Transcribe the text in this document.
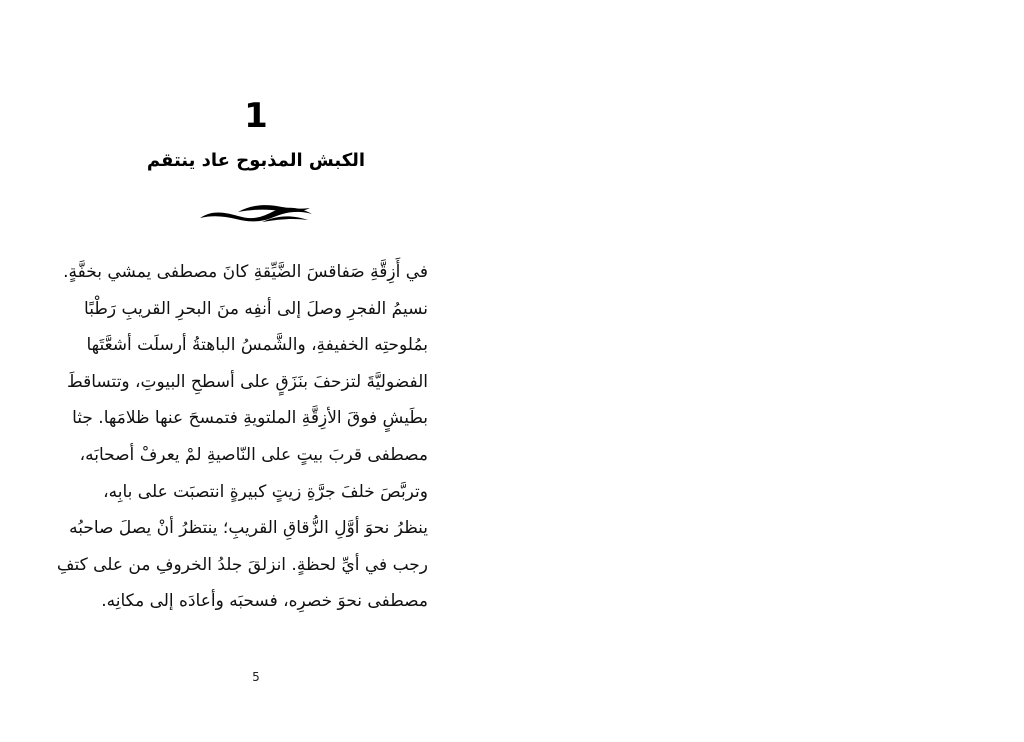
1
الكبش المذبوح عاد ينتقم
في أَزِقَّةِ صَفاقسَ الضَّيِّقةِ كانَ مصطفى يمشي بخفَّةٍ.
نسيمُ الفجرِ وصلَ إلى أنفِه منَ البحرِ القريبِ رَطْبًا
بمُلوحتِه الخفيفةِ، والشَّمسُ الباهتةُ أرسلَت أشعَّتَها
الفضوليَّةَ لتزحفَ بنَزَقٍ على أسطحِ البيوتِ، وتتساقطَ
بطَيشٍ فوقَ الأزِقَّةِ الملتويةِ فتمسحَ عنها ظلامَها. جثا
مصطفى قربَ بيتٍ على النّاصيةِ لمْ يعرفْ أصحابَه،
وتربَّصَ خلفَ جرَّةِ زيتٍ كبيرةٍ انتصبَت على بابِه،
ينظرُ نحوَ أوَّلِ الزُّقاقِ القريبِ؛ ينتظرُ أنْ يصلَ صاحبُه
رجب في أيِّ لحظةٍ. انزلقَ جلدُ الخروفِ من على كتفِ
مصطفى نحوَ خصرِه، فسحبَه وأعادَه إلى مكانِه.
5
